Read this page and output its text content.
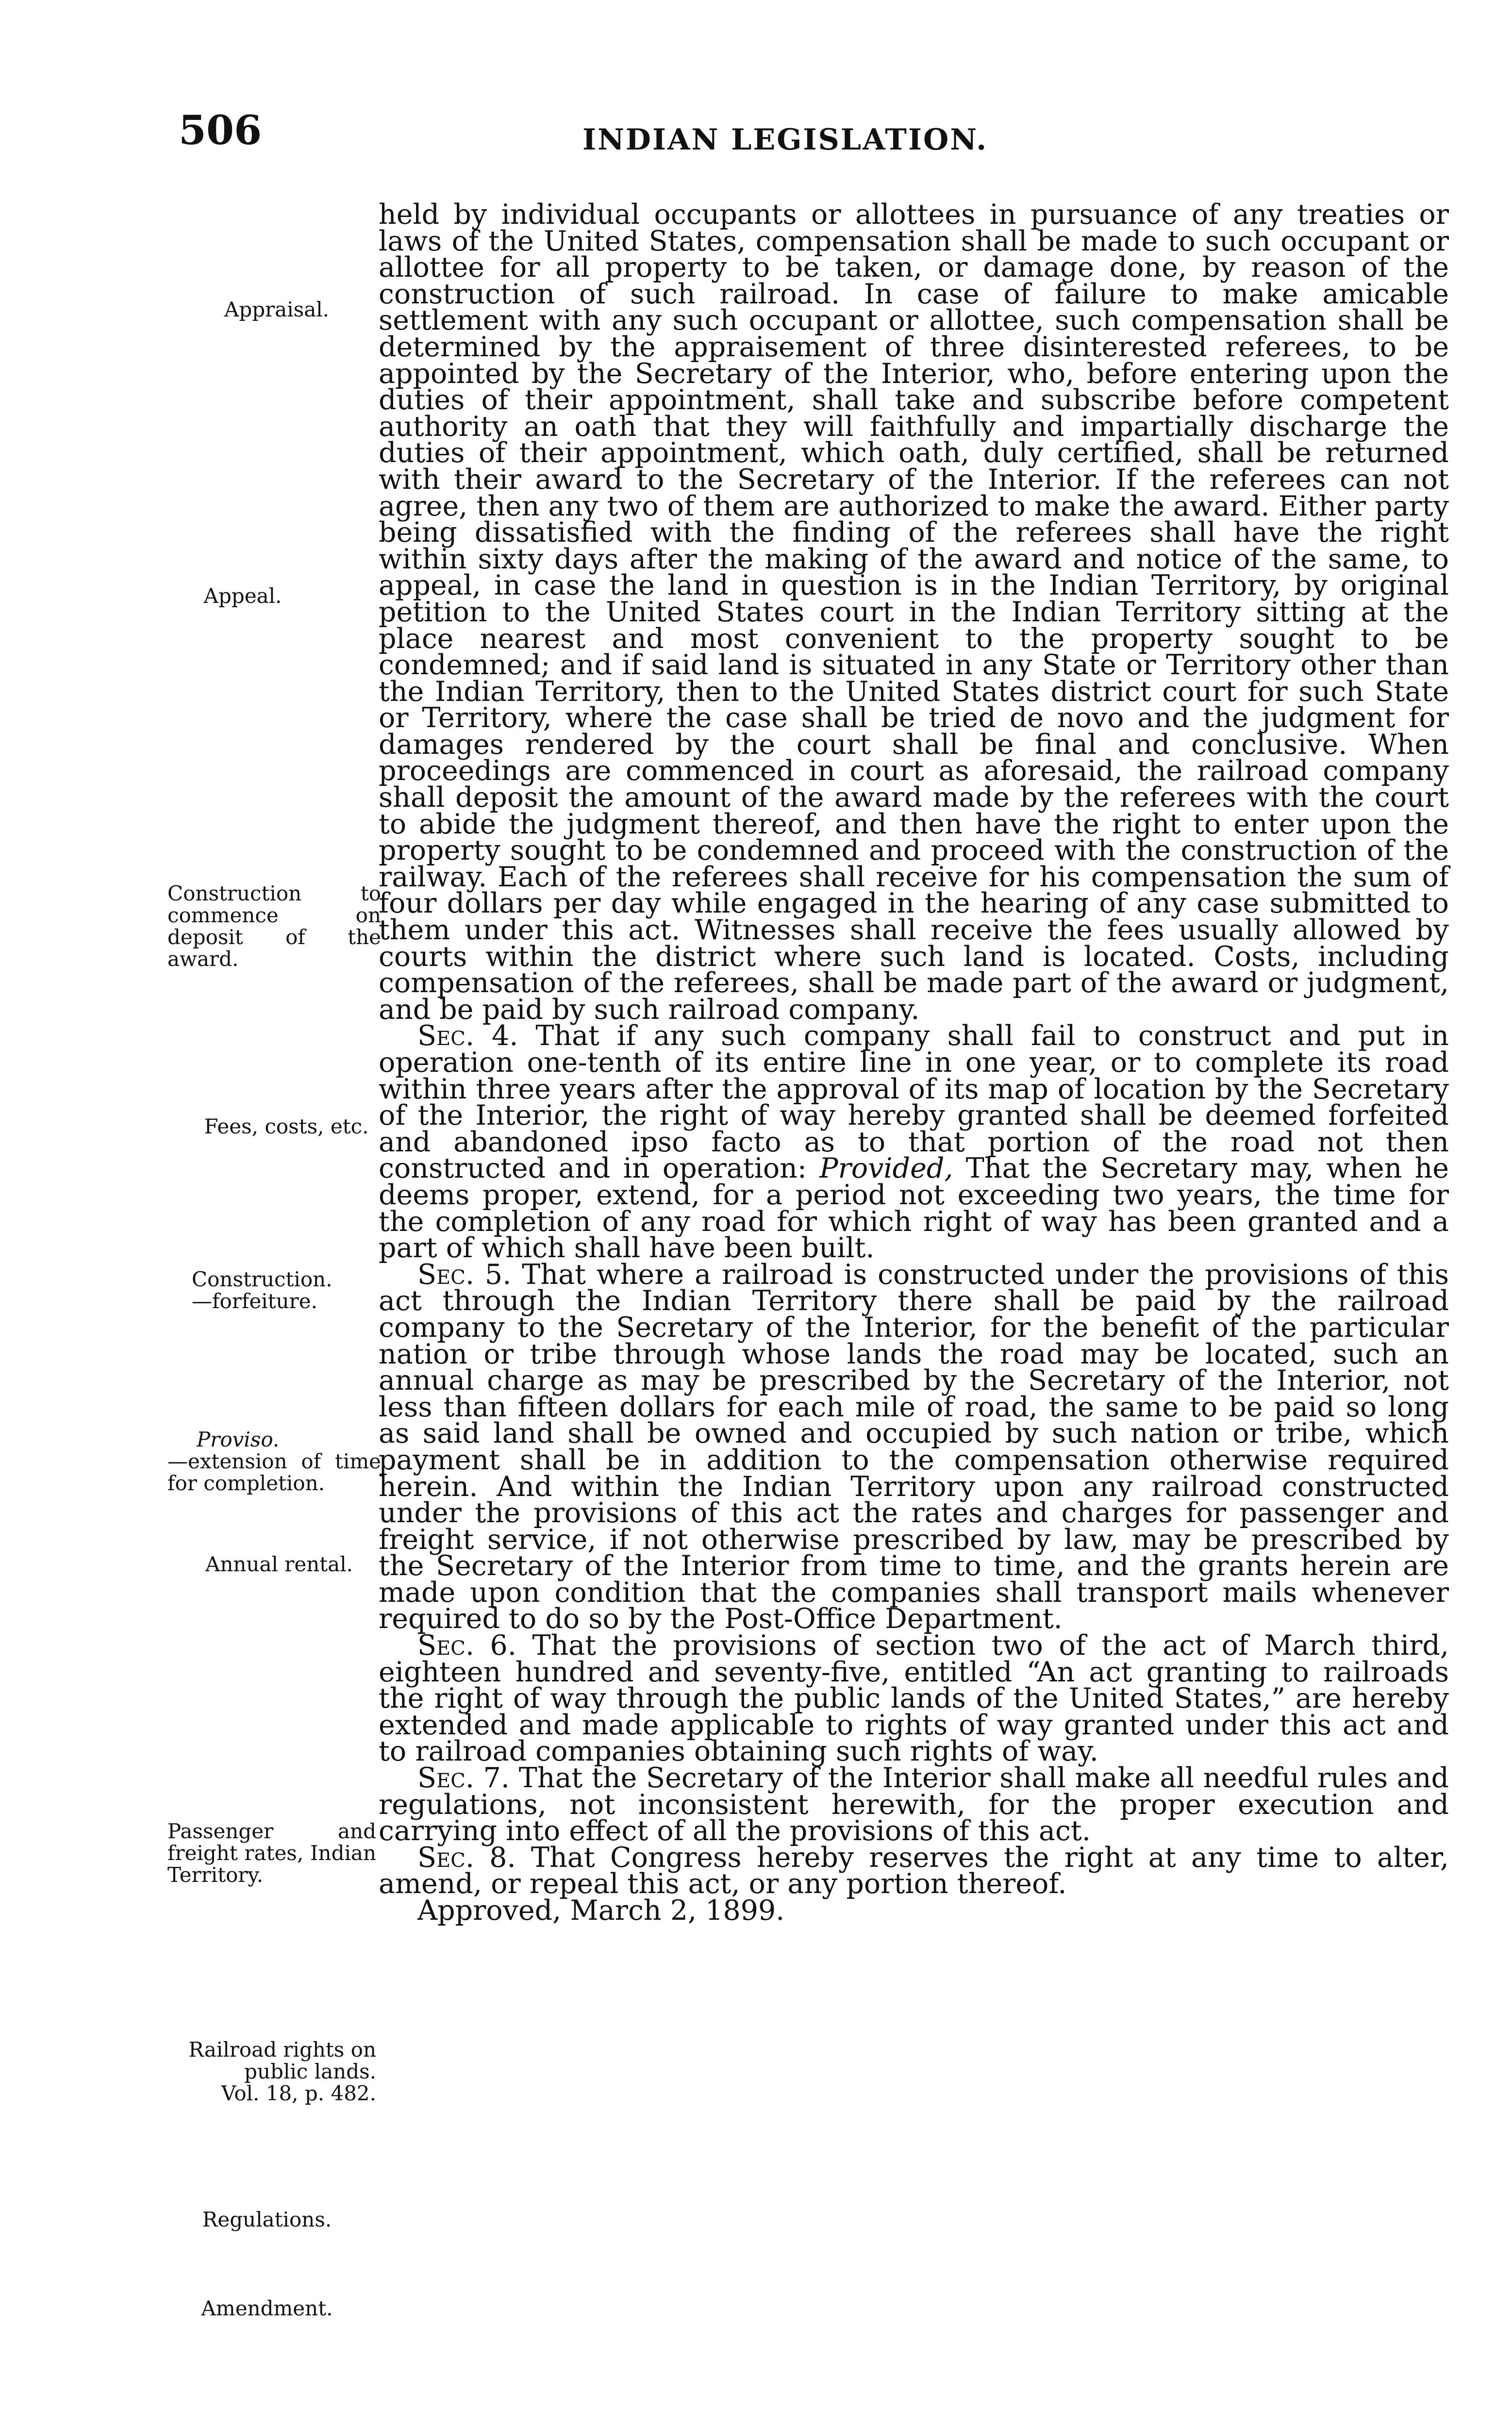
506	INDIAN LEGISLATION.
Appraisal.
Appeal.
Construction to commence on deposit of the award.
Fees, costs, etc.
Construction.
—forfeiture.
Proviso.
—extension of time for completion.
Annual rental.
Passenger and freight rates, Indian Territory.
Railroad rights on public lands.
Vol. 18, p. 482.
Regulations.
Amendment.

held by individual occupants or allottees in pursuance of any treaties or laws of the United States, compensation shall be made to such occupant or allottee for all property to be taken, or damage done, by reason of the construction of such railroad. In case of failure to make amicable settlement with any such occupant or allottee, such compensation shall be determined by the appraisement of three disinterested referees, to be appointed by the Secretary of the Interior, who, before entering upon the duties of their appointment, shall take and subscribe before competent authority an oath that they will faithfully and impartially discharge the duties of their appointment, which oath, duly certified, shall be returned with their award to the Secretary of the Interior. If the referees can not agree, then any two of them are authorized to make the award. Either party being dissatisfied with the finding of the referees shall have the right within sixty days after the making of the award and notice of the same, to appeal, in case the land in question is in the Indian Territory, by original petition to the United States court in the Indian Territory sitting at the place nearest and most convenient to the property sought to be condemned; and if said land is situated in any State or Territory other than the Indian Territory, then to the United States district court for such State or Territory, where the case shall be tried de novo and the judgment for damages rendered by the court shall be final and conclusive. When proceedings are commenced in court as aforesaid, the railroad company shall deposit the amount of the award made by the referees with the court to abide the judgment thereof, and then have the right to enter upon the property sought to be condemned and proceed with the construction of the railway. Each of the referees shall receive for his compensation the sum of four dollars per day while engaged in the hearing of any case submitted to them under this act. Witnesses shall receive the fees usually allowed by courts within the district where such land is located. Costs, including compensation of the referees, shall be made part of the award or judgment, and be paid by such railroad company.

Sec. 4. That if any such company shall fail to construct and put in operation one-tenth of its entire line in one year, or to complete its road within three years after the approval of its map of location by the Secretary of the Interior, the right of way hereby granted shall be deemed forfeited and abandoned ipso facto as to that portion of the road not then constructed and in operation: Provided, That the Secretary may, when he deems proper, extend, for a period not exceeding two years, the time for the completion of any road for which right of way has been granted and a part of which shall have been built.

Sec. 5. That where a railroad is constructed under the provisions of this act through the Indian Territory there shall be paid by the railroad company to the Secretary of the Interior, for the benefit of the particular nation or tribe through whose lands the road may be located, such an annual charge as may be prescribed by the Secretary of the Interior, not less than fifteen dollars for each mile of road, the same to be paid so long as said land shall be owned and occupied by such nation or tribe, which payment shall be in addition to the compensation otherwise required herein. And within the Indian Territory upon any railroad constructed under the provisions of this act the rates and charges for passenger and freight service, if not otherwise prescribed by law, may be prescribed by the Secretary of the Interior from time to time, and the grants herein are made upon condition that the companies shall transport mails whenever required to do so by the Post-Office Department.

Sec. 6. That the provisions of section two of the act of March third, eighteen hundred and seventy-five, entitled “An act granting to railroads the right of way through the public lands of the United States,” are hereby extended and made applicable to rights of way granted under this act and to railroad companies obtaining such rights of way.

Sec. 7. That the Secretary of the Interior shall make all needful rules and regulations, not inconsistent herewith, for the proper execution and carrying into effect of all the provisions of this act.

Sec. 8. That Congress hereby reserves the right at any time to alter, amend, or repeal this act, or any portion thereof.

Approved, March 2, 1899.
